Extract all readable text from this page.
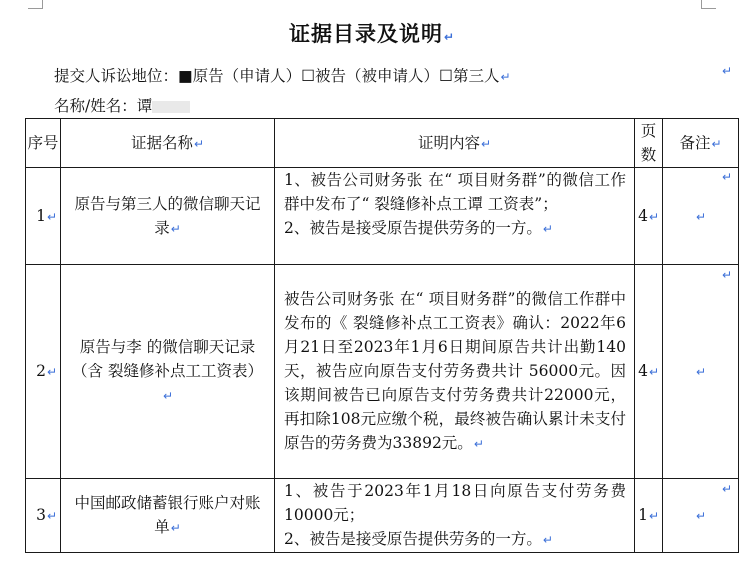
证据目录及说明↵
提交人诉讼地位：■原告（申请人）☐被告（被申请人）☐第三人↵
名称/姓名：谭
序号	证据名称↵	证明内容↵	页数	备注↵
1↵	原告与第三人的微信聊天记录↵	1、被告公司财务张 在“ 项目财务群”的微信工作群中发布了“ 裂缝修补点工谭 工资表”；

2、被告是接受原告提供劳务的一方。↵	4↵	↵
2↵	原告与李 的微信聊天记录（含 裂缝修补点工工资表）↵	被告公司财务张 在“ 项目财务群”的微信工作群中发布的《 裂缝修补点工工资表》确认：2022年6月21日至2023年1月6日期间原告共计出勤140天，被告应向原告支付劳务费共计 56000元。因该期间被告已向原告支付劳务费共计22000元，再扣除108元应缴个税，最终被告确认累计未支付原告的劳务费为33892元。↵	4↵	↵
3↵	中国邮政储蓄银行账户对账单↵	1、被告于2023年1月18日向原告支付劳务费10000元；

2、被告是接受原告提供劳务的一方。↵	1↵	↵
↵
↵
↵
↵
